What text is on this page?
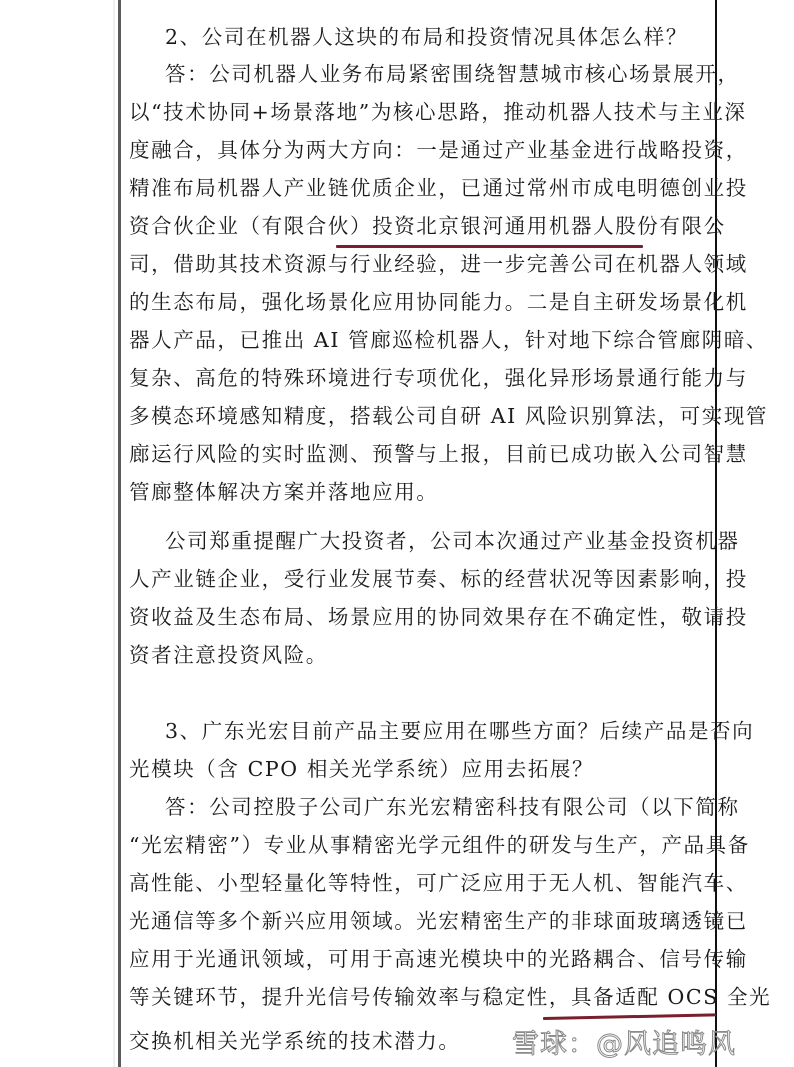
2、公司在机器人这块的布局和投资情况具体怎么样？
答：公司机器人业务布局紧密围绕智慧城市核心场景展开，
以“技术协同+场景落地”为核心思路，推动机器人技术与主业深
度融合，具体分为两大方向：一是通过产业基金进行战略投资，
精准布局机器人产业链优质企业，已通过常州市成电明德创业投
资合伙企业（有限合伙）投资北京银河通用机器人股份有限公
司，借助其技术资源与行业经验，进一步完善公司在机器人领域
的生态布局，强化场景化应用协同能力。二是自主研发场景化机
器人产品，已推出 AI 管廊巡检机器人，针对地下综合管廊阴暗、
复杂、高危的特殊环境进行专项优化，强化异形场景通行能力与
多模态环境感知精度，搭载公司自研 AI 风险识别算法，可实现管
廊运行风险的实时监测、预警与上报，目前已成功嵌入公司智慧
管廊整体解决方案并落地应用。
公司郑重提醒广大投资者，公司本次通过产业基金投资机器
人产业链企业，受行业发展节奏、标的经营状况等因素影响，投
资收益及生态布局、场景应用的协同效果存在不确定性，敬请投
资者注意投资风险。
3、广东光宏目前产品主要应用在哪些方面？后续产品是否向
光模块（含 CPO 相关光学系统）应用去拓展？
答：公司控股子公司广东光宏精密科技有限公司（以下简称
“光宏精密”）专业从事精密光学元组件的研发与生产，产品具备
高性能、小型轻量化等特性，可广泛应用于无人机、智能汽车、
光通信等多个新兴应用领域。光宏精密生产的非球面玻璃透镜已
应用于光通讯领域，可用于高速光模块中的光路耦合、信号传输
等关键环节，提升光信号传输效率与稳定性，具备适配 OCS 全光
交换机相关光学系统的技术潜力。 雪球：@风追鸣风
